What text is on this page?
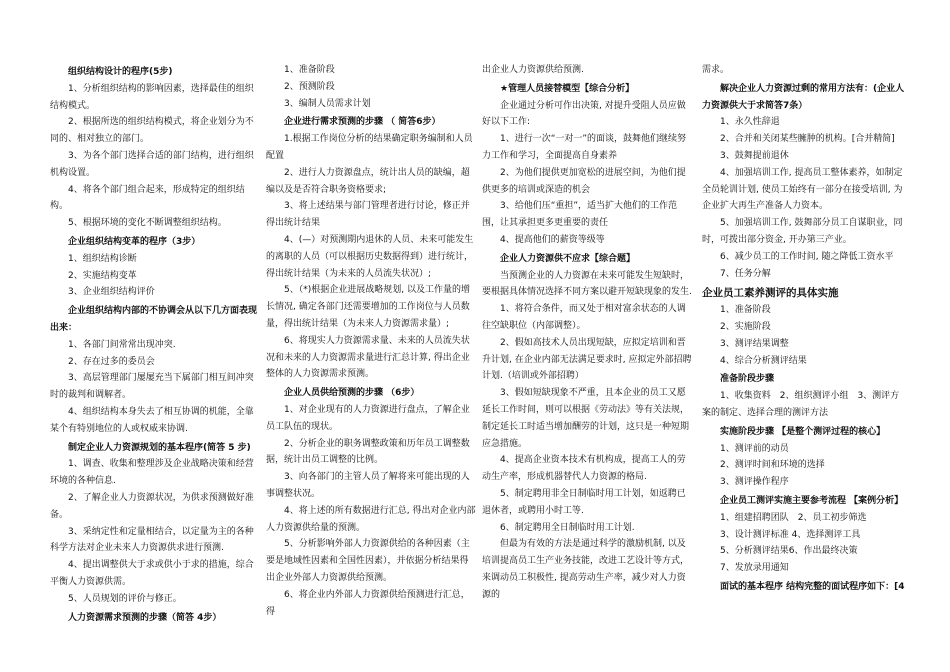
组织结构设计的程序(5步)

1、分析组织结构的影响因素，选择最佳的组织结构模式。

2、根据所选的组织结构模式，将企业划分为不同的、相对独立的部门。

3、为各个部门选择合适的部门结构，进行组织机构设置。

4、将各个部门组合起来，形成特定的组织结构。

5、根据环境的变化不断调整组织结构。

企业组织结构变革的程序（3步）

1、组织结构诊断

2、实施结构变革

3、企业组织结构评价

企业组织结构内部的不协调会从以下几方面表现出来：

1、各部门间常常出现冲突.

2、存在过多的委员会

3、高层管理部门屡屡充当下属部门相互间冲突时的裁判和调解者。

4、组织结构本身失去了相互协调的机能，全靠某个有特别地位的人或权威来协调.

制定企业人力资源规划的基本程序(简答 5 步)

1、调查、收集和整理涉及企业战略决策和经营环境的各种信息.

2、了解企业人力资源状况，为供求预测做好准备。

3、采纳定性和定量相结合，以定量为主的各种科学方法对企业未来人力资源供求进行预测.

4、提出调整供大于求或供小于求的措施，综合平衡人力资源供需。

5、人员规划的评价与修正。

人力资源需求预测的步骤（简答 4步）

1、准备阶段

2、预测阶段

3、编制人员需求计划

企业进行需求预测的步骤 （ 简答6步）

1.根据工作岗位分析的结果确定职务编制和人员配置

2、进行人力资源盘点，统计出人员的缺编，超编以及是否符合职务资格要求;

3、将上述结果与部门管理者进行讨论，修正并得出统计结果

4、(—）对预测期内退休的人员、未来可能发生的离职的人员（可以根据历史数据得到）进行统计，得出统计结果（为未来的人员流失状况）;

5、（*)根据企业进展战略规划, 以及工作量的增长情况, 确定各部门还需要增加的工作岗位与人员数量，得出统计结果（为未来人力资源需求量）;

6、将现实人力资源需求量、未来的人员流失状况和未来的人力资源需求量进行汇总计算, 得出企业整体的人力资源需求预测。

企业人员供给预测的步骤 （6步）

1、对企业现有的人力资源进行盘点，了解企业员工队伍的现状。

2、分析企业的职务调整政策和历年员工调整数据，统计出员工调整的比例。

3、向各部门的主管人员了解将来可能出现的人事调整状况。

4、将上述的所有数据进行汇总, 得出对企业内部人力资源供给量的预测。

5、分析影响外部人力资源供给的各种因素（主要是地域性因素和全国性因素），并依据分析结果得出企业外部人力资源供给预测。

6、将企业内外部人力资源供给预测进行汇总，得

出企业人力资源供给预测.

★管理人员接替模型【综合分析】

企业通过分析可作出决策, 对提升受阻人员应做好以下工作:

1、进行一次“一对一”的面谈，鼓舞他们继续努力工作和学习，全面提高自身素养

2、为他们提供更加宽松的进展空间，为他们提供更多的培训或深造的机会

3、给他们压“重担”，适当扩大他们的工作范围，让其承担更多更重要的责任

4、提高他们的薪资等级等

企业人力资源供不应求【综合题】

当预测企业的人力资源在未来可能发生短缺时，要根据具体情况选择不同方案以避开短缺现象的发生.

1、将符合条件，而又处于相对富余状态的人调往空缺职位（内部调整）。

2、假如高技术人员出现短缺，应拟定培训和晋升计划, 在企业内部无法满足要求时, 应拟定外部招聘计划.（培训或外部招聘）

3、假如短缺现象不严重，且本企业的员工又愿延长工作时间，则可以根据《劳动法》等有关法规，制定延长工时适当增加酬劳的计划，这只是一种短期应急措施。

4、提高企业资本技术有机构成，提高工人的劳动生产率，形成机器替代人力资源的格局.

5、制定聘用非全日制临时用工计划，如返聘已退休者，或聘用小时工等.

6、制定聘用全日制临时用工计划.

但最为有效的方法是通过科学的激励机制, 以及培训提高员工生产业务技能，改进工艺设计等方式，来调动员工积极性, 提高劳动生产率，减少对人力资源的

需求。

解决企业人力资源过剩的常用方法有：(企业人力资源供大于求简答7条）

1、永久性辞退

2、合并和关闭某些臃肿的机构。[合并精简]

3、鼓舞提前退休

4、加强培训工作, 提高员工整体素养，如制定全员轮训计划, 使员工始终有一部分在接受培训, 为企业扩大再生产准备人力资本。

5、加强培训工作, 鼓舞部分员工自谋职业，同时，可拨出部分资金, 开办第三产业。

6、减少员工的工作时间, 随之降低工资水平

7、任务分解

企业员工素养测评的具体实施

1、准备阶段

2、实施阶段

3、测评结果调整

4、综合分析测评结果

准备阶段步骤

1、收集资料　2、组织测评小组　3、测评方案的制定、选择合理的测评方法

实施阶段步骤 【是整个测评过程的核心】

1、测评前的动员

2、测评时间和环境的选择

3、测评操作程序

企业员工测评实施主要参考流程 【案例分析】

1、组建招聘团队　2、员工初步筛选

3、设计测评标准 4、选择测评工具

5、分析测评结果6、作出最终决策

7、发放录用通知

面试的基本程序 结构完整的面试程序如下：[4
